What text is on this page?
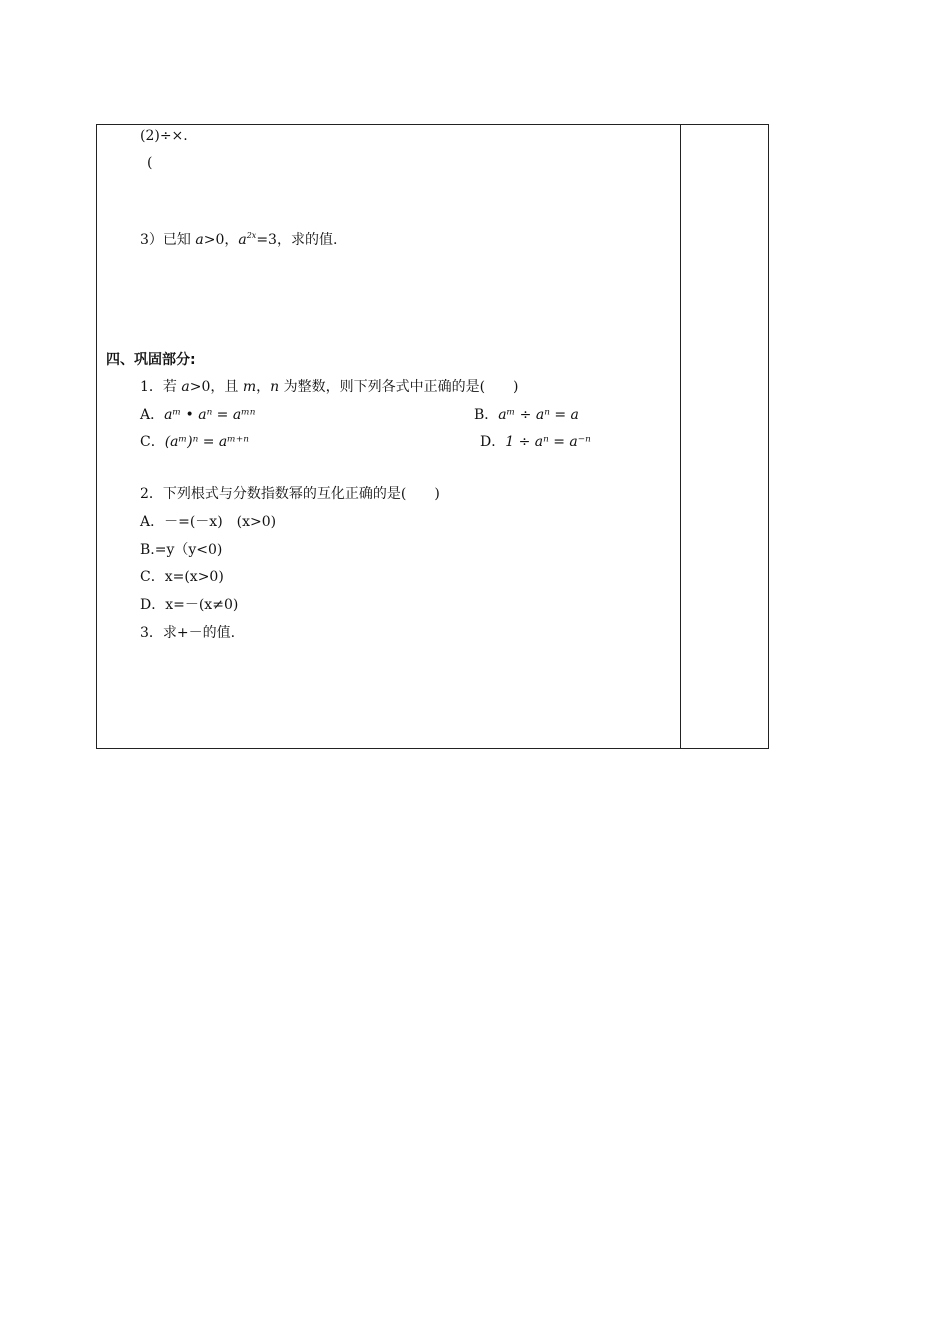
(2)÷×.
(
3）已知 a>0，$a^{2x}=3$，求的值.
四、巩固部分:
1．若 a>0，且 m，n 为整数，则下列各式中正确的是(　　)
A．aᵐ • aⁿ = aᵐⁿ	B．aᵐ ÷ aⁿ = a
C．(aᵐ)ⁿ = aᵐ⁺ⁿ	D．1 ÷ aⁿ = a⁻ⁿ
2．下列根式与分数指数幂的互化正确的是(　　)
A．－=(－x)　(x>0)
B.=y（y<0)
C．x=(x>0)
D．x=－(x≠0)
3．求+－的值.
